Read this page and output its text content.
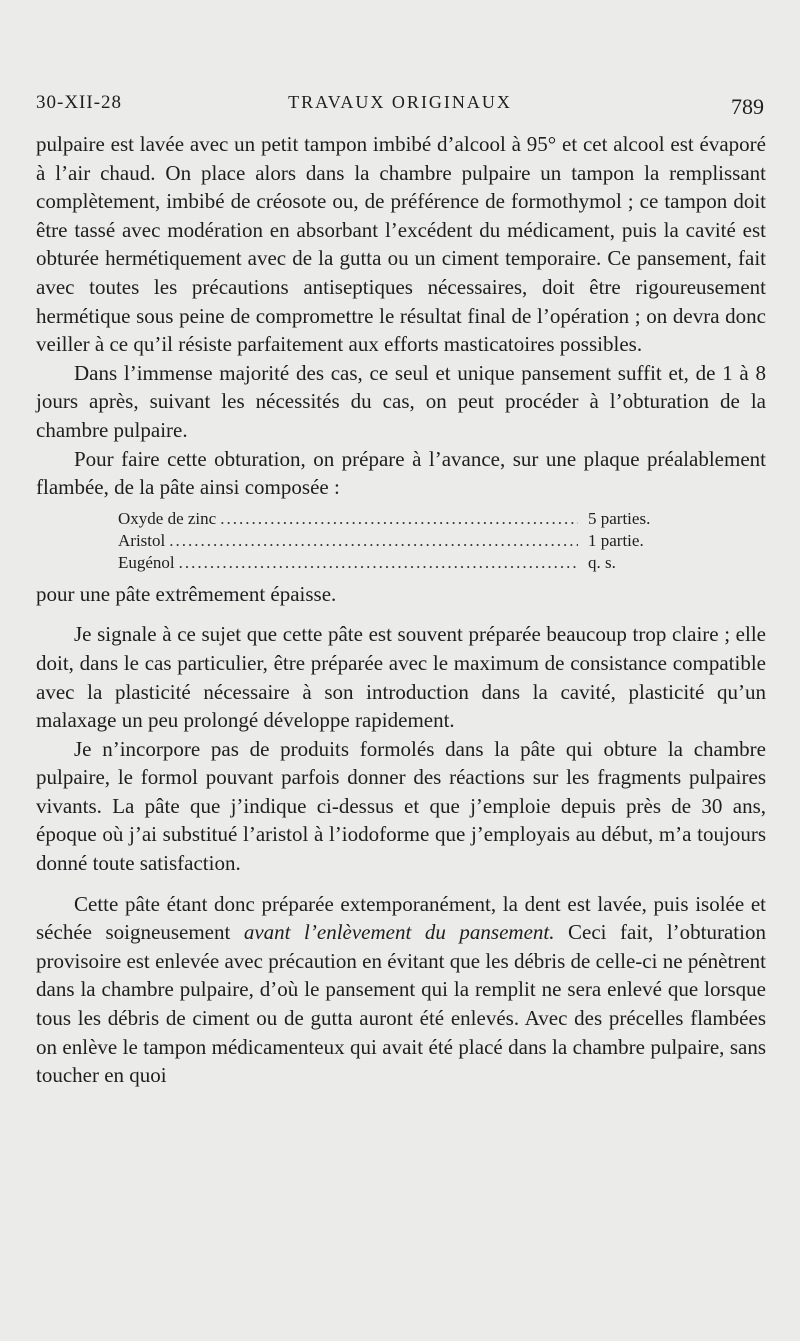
30-XII-28	TRAVAUX ORIGINAUX	789

pulpaire est lavée avec un petit tampon imbibé d’alcool à 95° et cet alcool est évaporé à l’air chaud. On place alors dans la chambre pulpaire un tampon la remplissant complètement, imbibé de créosote ou, de préférence de formothymol ; ce tampon doit être tassé avec modération en absorbant l’excédent du médicament, puis la cavité est obturée hermétiquement avec de la gutta ou un ciment temporaire. Ce pansement, fait avec toutes les précautions antiseptiques nécessaires, doit être rigoureusement hermétique sous peine de compromettre le résultat final de l’opération ; on devra donc veiller à ce qu’il résiste parfaitement aux efforts masticatoires possibles.

Dans l’immense majorité des cas, ce seul et unique pansement suffit et, de 1 à 8 jours après, suivant les nécessités du cas, on peut procéder à l’obturation de la chambre pulpaire.

Pour faire cette obturation, on prépare à l’avance, sur une plaque préalablement flambée, de la pâte ainsi composée :

Oxyde de zinc .....	5 parties.
Aristol .....	1 partie.
Eugénol .....	q. s.

pour une pâte extrêmement épaisse.

Je signale à ce sujet que cette pâte est souvent préparée beaucoup trop claire ; elle doit, dans le cas particulier, être préparée avec le maximum de consistance compatible avec la plasticité nécessaire à son introduction dans la cavité, plasticité qu’un malaxage un peu prolongé développe rapidement.

Je n’incorpore pas de produits formolés dans la pâte qui obture la chambre pulpaire, le formol pouvant parfois donner des réactions sur les fragments pulpaires vivants. La pâte que j’indique ci-dessus et que j’emploie depuis près de 30 ans, époque où j’ai substitué l’aristol à l’iodoforme que j’employais au début, m’a toujours donné toute satisfaction.

Cette pâte étant donc préparée extemporanément, la dent est lavée, puis isolée et séchée soigneusement avant l’enlèvement du pansement. Ceci fait, l’obturation provisoire est enlevée avec précaution en évitant que les débris de celle-ci ne pénètrent dans la chambre pulpaire, d’où le pansement qui la remplit ne sera enlevé que lorsque tous les débris de ciment ou de gutta auront été enlevés. Avec des précelles flambées on enlève le tampon médicamenteux qui avait été placé dans la chambre pulpaire, sans toucher en quoi
